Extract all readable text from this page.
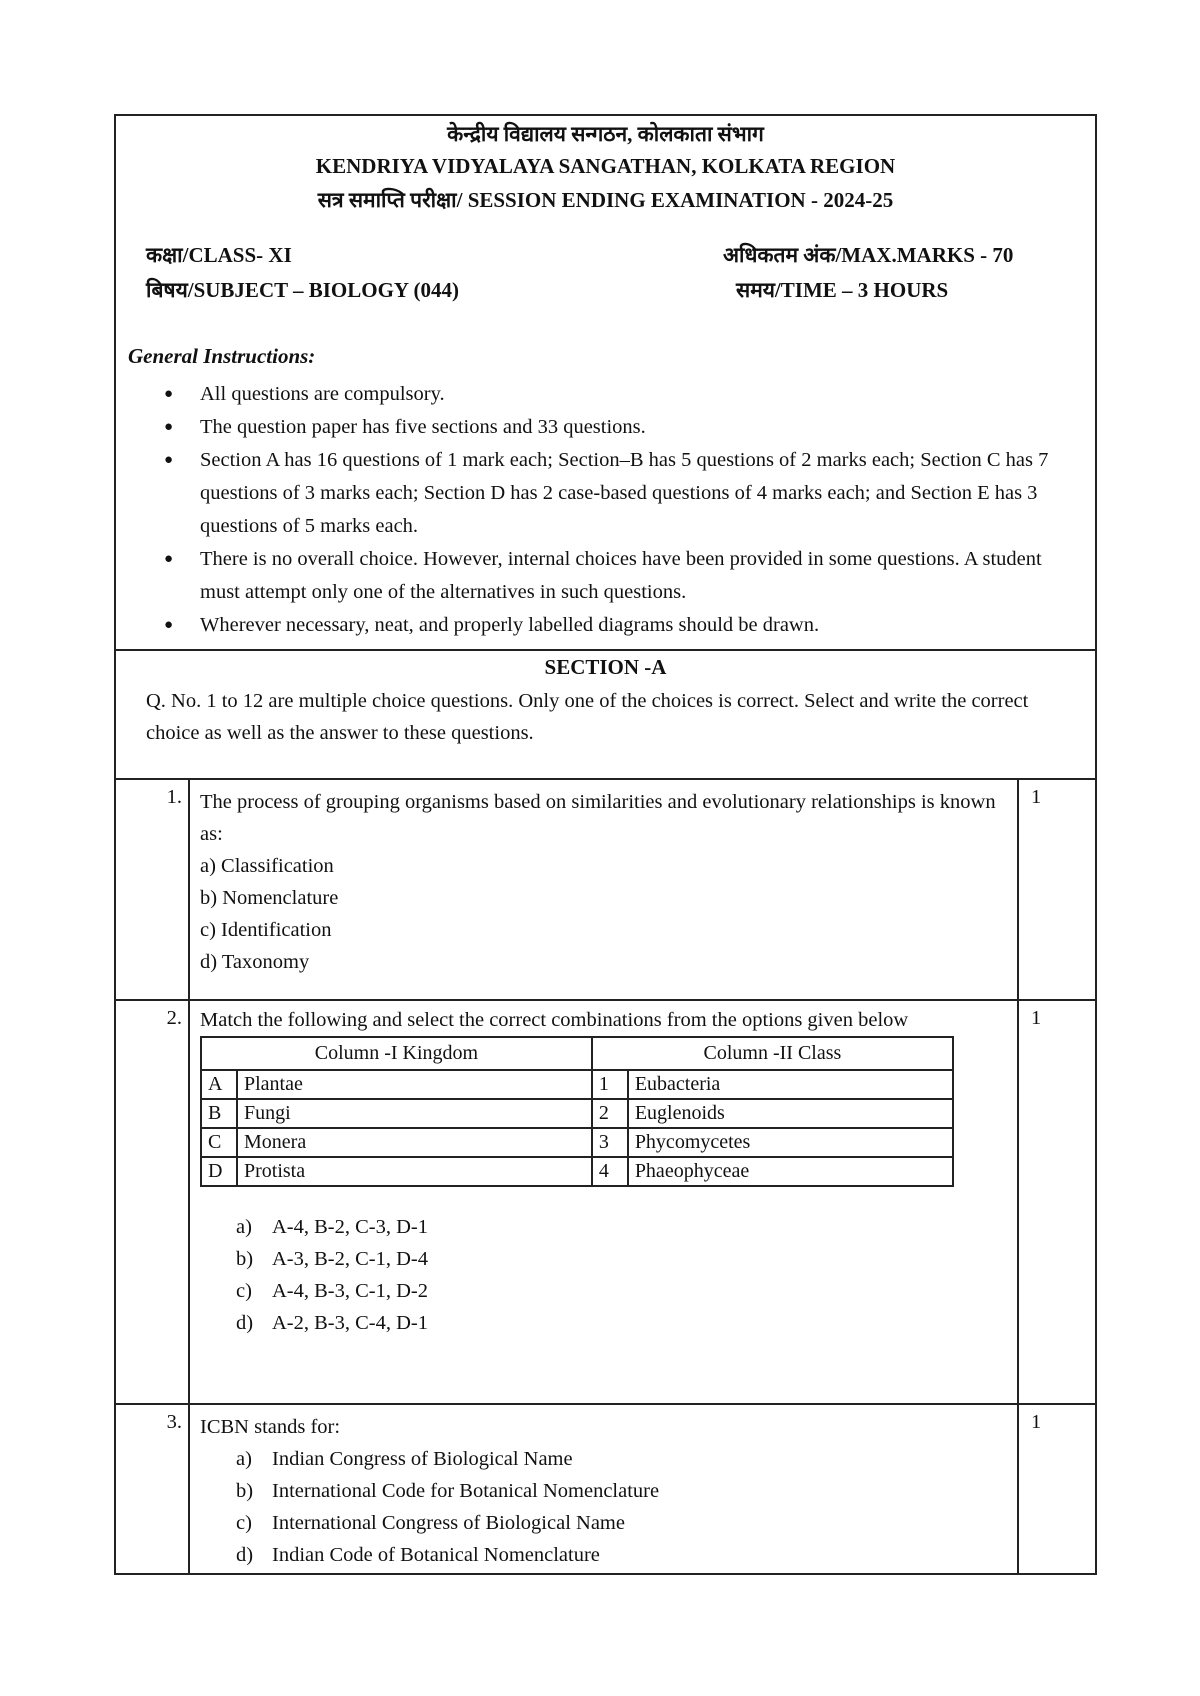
केन्द्रीय विद्यालय सन्गठन, कोलकाता संभाग
KENDRIYA VIDYALAYA SANGATHAN, KOLKATA REGION
सत्र समाप्ति परीक्षा/ SESSION ENDING EXAMINATION - 2024-25
कक्षा/CLASS- XI	अधिकतम अंक/MAX.MARKS - 70
बिषय/SUBJECT – BIOLOGY (044)	समय/TIME – 3 HOURS
General Instructions:
● All questions are compulsory.
● The question paper has five sections and 33 questions.
● Section A has 16 questions of 1 mark each; Section–B has 5 questions of 2 marks each; Section C has 7 questions of 3 marks each; Section D has 2 case-based questions of 4 marks each; and Section E has 3 questions of 5 marks each.
● There is no overall choice. However, internal choices have been provided in some questions. A student must attempt only one of the alternatives in such questions.
● Wherever necessary, neat, and properly labelled diagrams should be drawn.
SECTION -A
Q. No. 1 to 12 are multiple choice questions. Only one of the choices is correct. Select and write the correct choice as well as the answer to these questions.
1. The process of grouping organisms based on similarities and evolutionary relationships is known as:
a) Classification
b) Nomenclature
c) Identification
d) Taxonomy
1
2. Match the following and select the correct combinations from the options given below
Column -I Kingdom		Column -II Class	
A	Plantae	1	Eubacteria
B	Fungi	2	Euglenoids
C	Monera	3	Phycomycetes
D	Protista	4	Phaeophyceae
a) A-4, B-2, C-3, D-1
b) A-3, B-2, C-1, D-4
c) A-4, B-3, C-1, D-2
d) A-2, B-3, C-4, D-1
1
3. ICBN stands for:
a) Indian Congress of Biological Name
b) International Code for Botanical Nomenclature
c) International Congress of Biological Name
d) Indian Code of Botanical Nomenclature
1
